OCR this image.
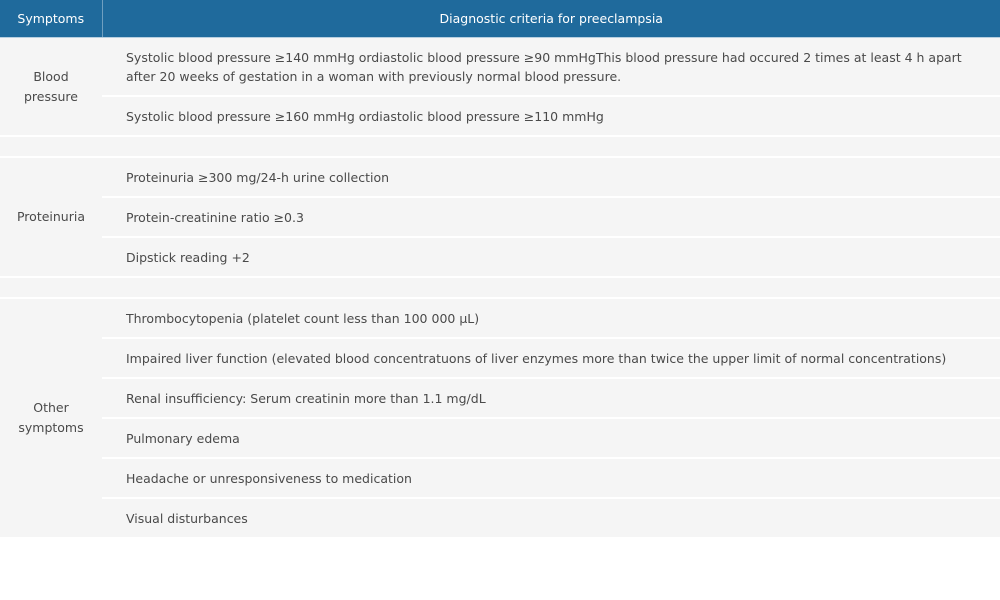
Symptoms	Diagnostic criteria for preeclampsia
Blood pressure	Systolic blood pressure ≥140 mmHg ordiastolic blood pressure ≥90 mmHgThis blood pressure had occured 2 times at least 4 h apart after 20 weeks of gestation in a woman with previously normal blood pressure.
	Systolic blood pressure ≥160 mmHg ordiastolic blood pressure ≥110 mmHg

Proteinuria	Proteinuria ≥300 mg/24-h urine collection
	Protein-creatinine ratio ≥0.3
	Dipstick reading +2

Other symptoms	Thrombocytopenia (platelet count less than 100 000 μL)
	Impaired liver function (elevated blood concentratuons of liver enzymes more than twice the upper limit of normal concentrations)
	Renal insufficiency: Serum creatinin more than 1.1 mg/dL
	Pulmonary edema
	Headache or unresponsiveness to medication
	Visual disturbances
